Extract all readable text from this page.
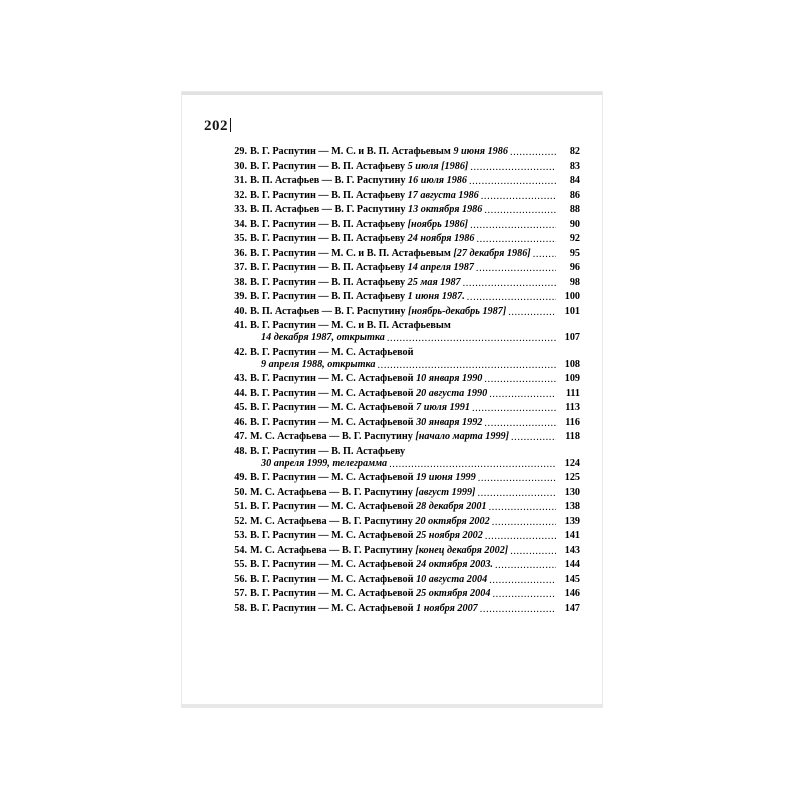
202
29. В. Г. Распутин — М. С. и В. П. Астафьевым 9 июня 1986 .....	82
30. В. Г. Распутин — В. П. Астафьеву 5 июля [1986] .....	83
31. В. П. Астафьев — В. Г. Распутину 16 июля 1986 .....	84
32. В. Г. Распутин — В. П. Астафьеву 17 августа 1986 .....	86
33. В. П. Астафьев — В. Г. Распутину 13 октября 1986 .....	88
34. В. Г. Распутин — В. П. Астафьеву [ноябрь 1986] .....	90
35. В. Г. Распутин — В. П. Астафьеву 24 ноября 1986 .....	92
36. В. Г. Распутин — М. С. и В. П. Астафьевым [27 декабря 1986] .....	95
37. В. Г. Распутин — В. П. Астафьеву 14 апреля 1987 .....	96
38. В. Г. Распутин — В. П. Астафьеву 25 мая 1987 .....	98
39. В. Г. Распутин — В. П. Астафьеву 1 июня 1987. .....	100
40. В. П. Астафьев — В. Г. Распутину [ноябрь-декабрь 1987] .....	101
41. В. Г. Распутин — М. С. и В. П. Астафьевым
14 декабря 1987, открытка .....	107
42. В. Г. Распутин — М. С. Астафьевой
9 апреля 1988, открытка .....	108
43. В. Г. Распутин — М. С. Астафьевой 10 января 1990 .....	109
44. В. Г. Распутин — М. С. Астафьевой 20 августа 1990 .....	111
45. В. Г. Распутин — М. С. Астафьевой 7 июля 1991 .....	113
46. В. Г. Распутин — М. С. Астафьевой 30 января 1992 .....	116
47. М. С. Астафьева — В. Г. Распутину [начало марта 1999] .....	118
48. В. Г. Распутин — В. П. Астафьеву
30 апреля 1999, телеграмма .....	124
49. В. Г. Распутин — М. С. Астафьевой 19 июня 1999 .....	125
50. М. С. Астафьева — В. Г. Распутину [август 1999] .....	130
51. В. Г. Распутин — М. С. Астафьевой 28 декабря 2001 .....	138
52. М. С. Астафьева — В. Г. Распутину 20 октября 2002 .....	139
53. В. Г. Распутин — М. С. Астафьевой 25 ноября 2002 .....	141
54. М. С. Астафьева — В. Г. Распутину [конец декабря 2002] .....	143
55. В. Г. Распутин — М. С. Астафьевой 24 октября 2003. .....	144
56. В. Г. Распутин — М. С. Астафьевой 10 августа 2004 .....	145
57. В. Г. Распутин — М. С. Астафьевой 25 октября 2004 .....	146
58. В. Г. Распутин — М. С. Астафьевой 1 ноября 2007 .....	147
